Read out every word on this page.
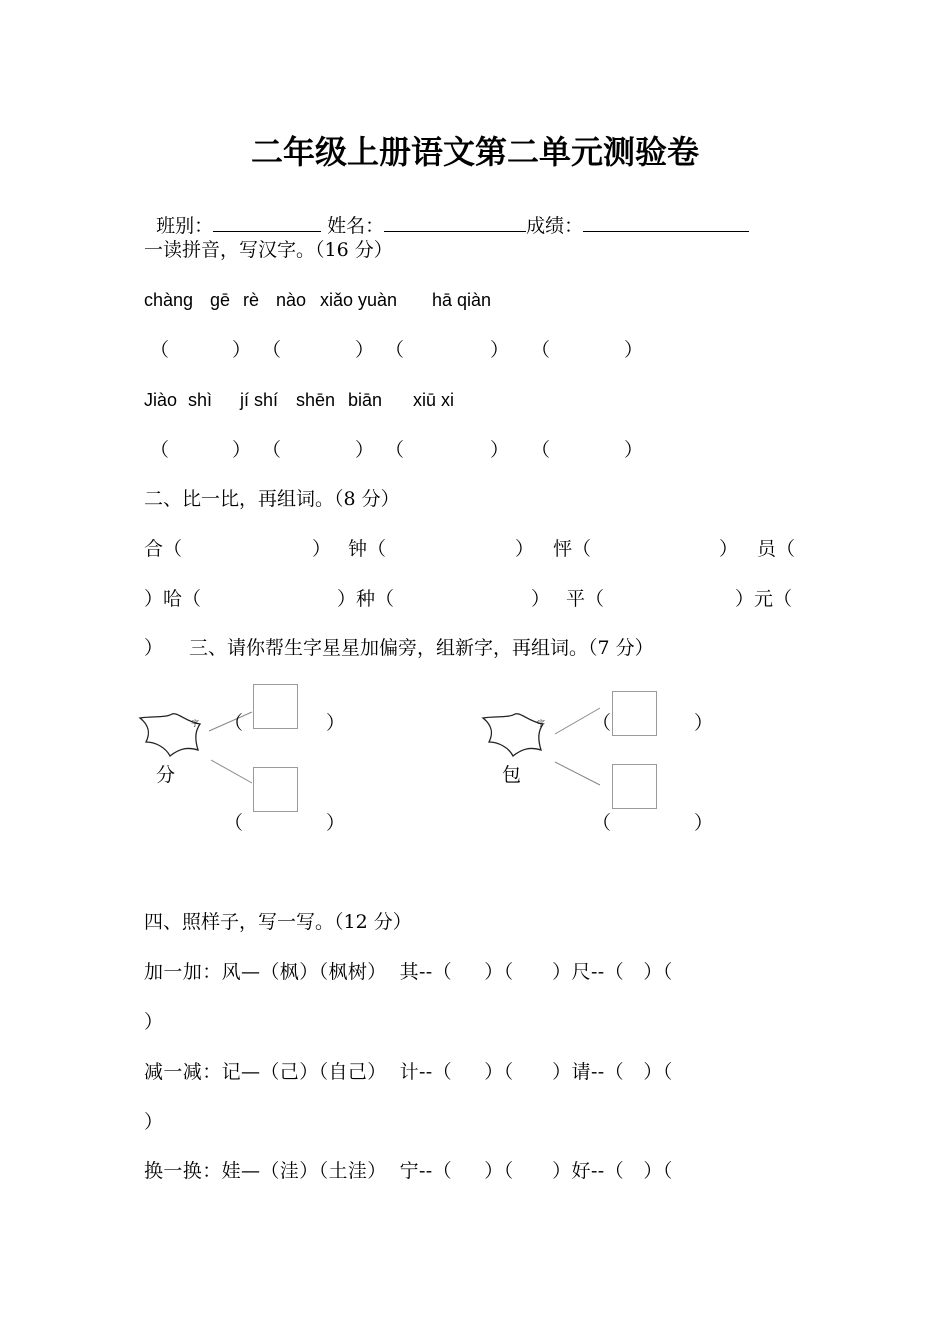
二年级上册语文第二单元测验卷

班别：	姓名：	成绩：

一读拼音，写汉字。（16 分）
chàng gē rè nào xiǎo yuàn hā qiàn
（	） （	） （	） （	）
Jiào shì jí shí shēn biān xiū xi
（	） （	） （	） （	）
二、比一比，再组词。（8 分）
合（	） 钟（	） 怦（	） 员（
）哈（	）种（	） 平（	）元（
） 三、请你帮生字星星加偏旁，组新字，再组词。（7 分）
字	字
分	包
（	）
（	）
（	）
（	）
四、照样子，写一写。（12 分）
加一加：风—（枫）（枫树）  其--（     ）（      ）尺--（   ）（
）
减一减：记—（己）（自己）  计--（     ）（      ）请--（   ）（
）
换一换：娃—（洼）（土洼）  宁--（     ）（      ）好--（   ）（
